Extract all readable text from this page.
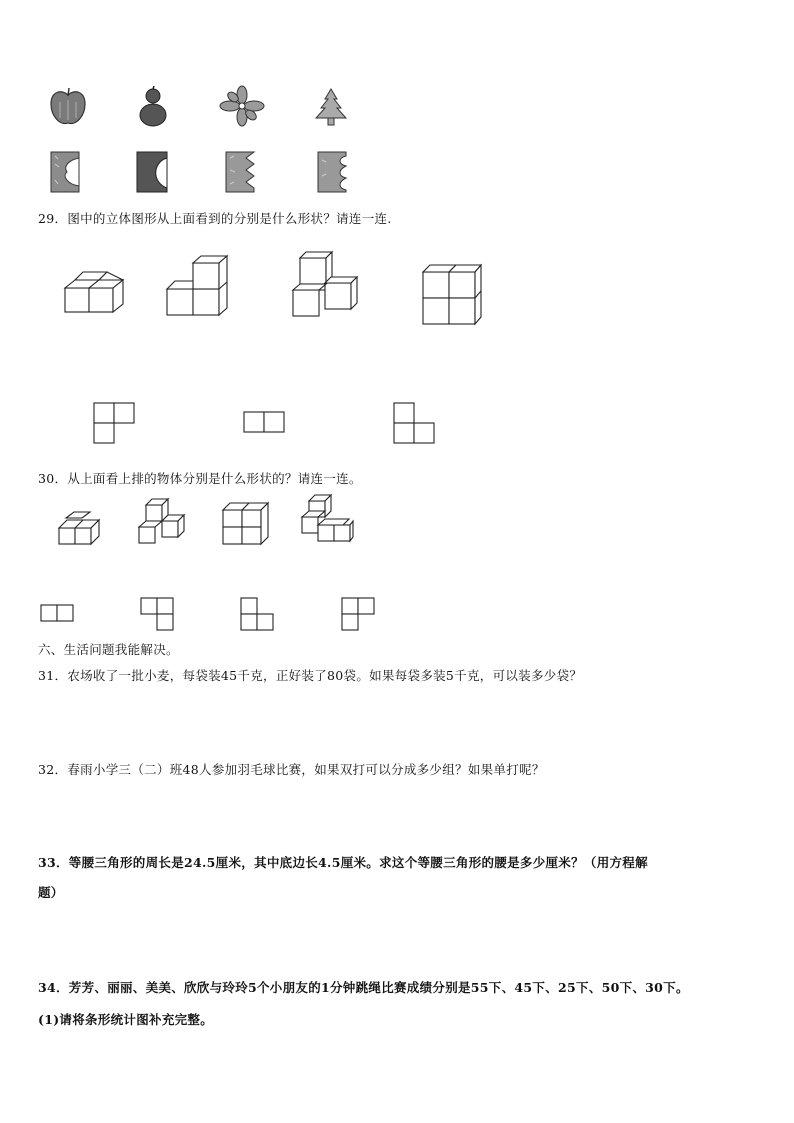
29．图中的立体图形从上面看到的分别是什么形状？请连一连.
30．从上面看上排的物体分别是什么形状的？请连一连。
六、生活问题我能解决。
31．农场收了一批小麦，每袋装45千克，正好装了80袋。如果每袋多装5千克，可以装多少袋？
32．春雨小学三（二）班48人参加羽毛球比赛，如果双打可以分成多少组？如果单打呢？
33．等腰三角形的周长是24.5厘米，其中底边长4.5厘米。求这个等腰三角形的腰是多少厘米？（用方程解
题）
34．芳芳、丽丽、美美、欣欣与玲玲5个小朋友的1分钟跳绳比赛成绩分别是55下、45下、25下、50下、30下。
(1)请将条形统计图补充完整。
